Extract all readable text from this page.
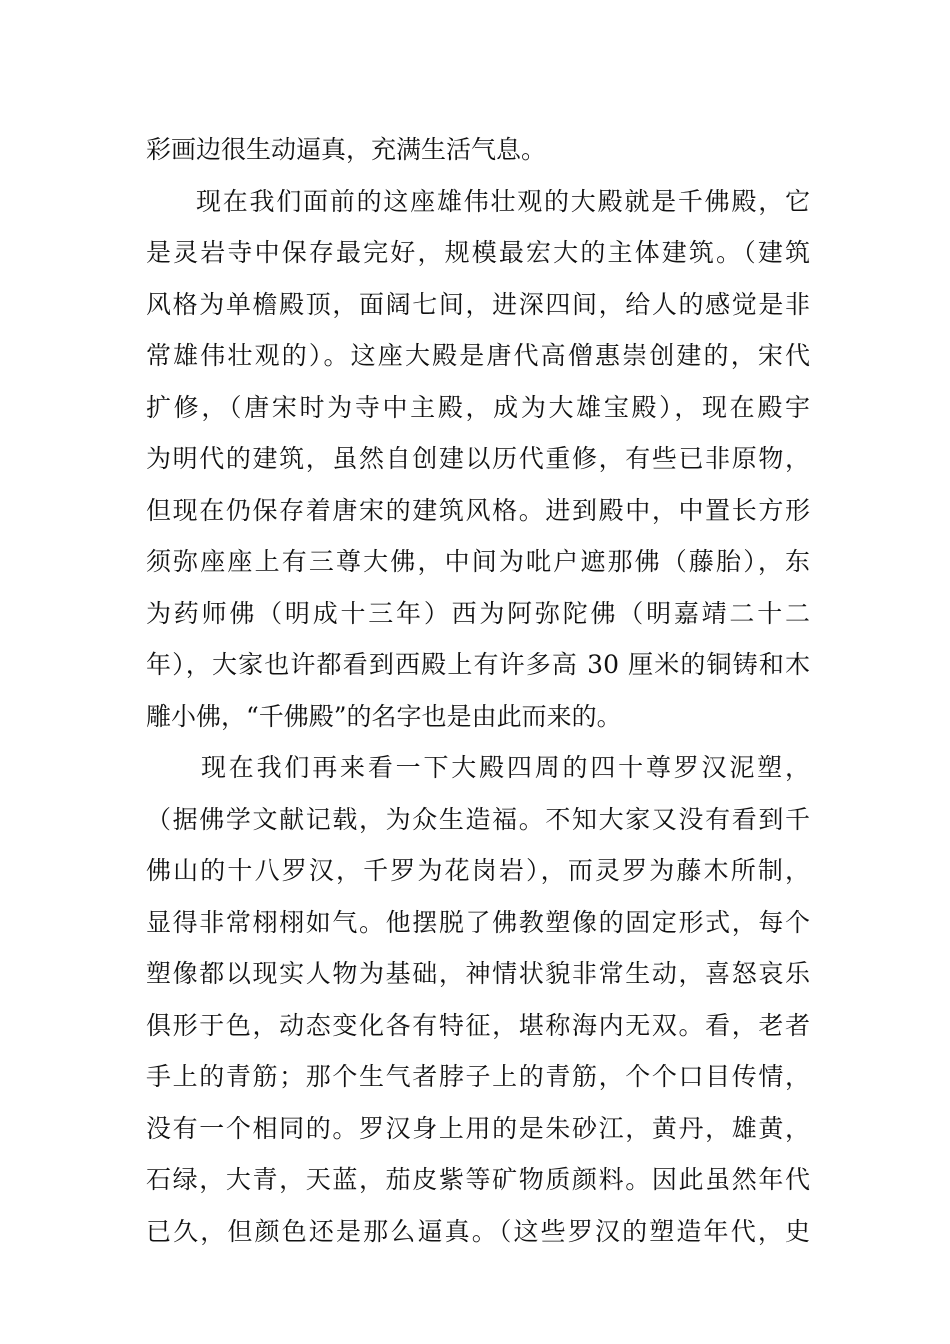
彩画边很生动逼真，充满生活气息。
现在我们面前的这座雄伟壮观的大殿就是千佛殿，它
是灵岩寺中保存最完好，规模最宏大的主体建筑。（建筑
风格为单檐殿顶，面阔七间，进深四间，给人的感觉是非
常雄伟壮观的）。这座大殿是唐代高僧惠崇创建的，宋代
扩修，（唐宋时为寺中主殿，成为大雄宝殿），现在殿宇
为明代的建筑，虽然自创建以历代重修，有些已非原物，
但现在仍保存着唐宋的建筑风格。进到殿中，中置长方形
须弥座座上有三尊大佛，中间为吡户遮那佛（藤胎），东
为药师佛（明成十三年）西为阿弥陀佛（明嘉靖二十二
年），大家也许都看到西殿上有许多高 30 厘米的铜铸和木
雕小佛，“千佛殿”的名字也是由此而来的。
现在我们再来看一下大殿四周的四十尊罗汉泥塑，
（据佛学文献记载，为众生造福。不知大家又没有看到千
佛山的十八罗汉，千罗为花岗岩），而灵罗为藤木所制，
显得非常栩栩如气。他摆脱了佛教塑像的固定形式，每个
塑像都以现实人物为基础，神情状貌非常生动，喜怒哀乐
俱形于色，动态变化各有特征，堪称海内无双。看，老者
手上的青筋；那个生气者脖子上的青筋，个个口目传情，
没有一个相同的。罗汉身上用的是朱砂江，黄丹，雄黄，
石绿，大青，天蓝，茄皮紫等矿物质颜料。因此虽然年代
已久，但颜色还是那么逼真。（这些罗汉的塑造年代，史
